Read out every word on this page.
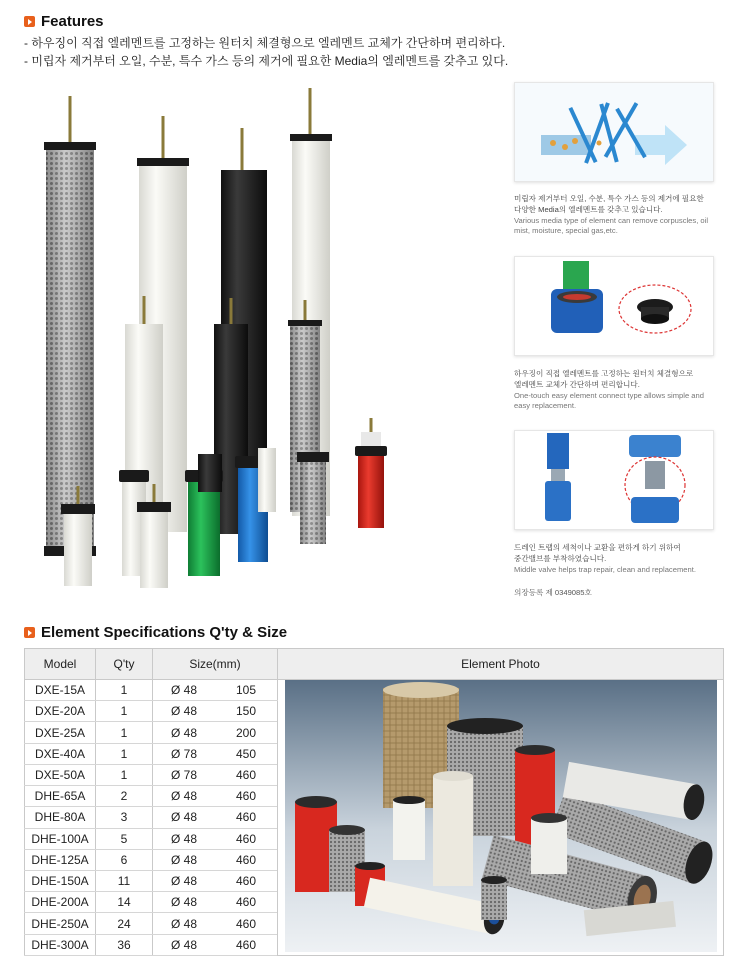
Features
- 하우징이 직접 엘레멘트를 고정하는 원터치 체결형으로 엘레멘트 교체가 간단하며 편리하다.
- 미립자 제거부터 오일, 수분, 특수 가스 등의 제거에 필요한 Media의 엘레멘트를 갖추고 있다.
미립자 제거부터 오일, 수분, 특수 가스 등의 제거에 필요한
다양한 Media의 엘레멘트를 갖추고 있습니다.
Various media type of element can remove corpuscles, oil
mist, moisture, special gas,etc.
하우징이 직접 엘레멘트를 고정하는 원터치 체결형으로
엘레멘트 교체가 간단하며 편리합니다.
One-touch easy element connect type allows simple and
easy replacement.
드레인 트랩의 세척이나 교환을 편하게 하기 위하여
중간밸브를 부착하였습니다.
Middle valve helps trap repair, clean and replacement.
의장등록 제 0349085호
Element Specifications Q'ty & Size
Model	Q'ty	Size(mm)		Element Photo
DXE-15A	1	Ø 48	105	
DXE-20A	1	Ø 48	150	
DXE-25A	1	Ø 48	200	
DXE-40A	1	Ø 78	450	
DXE-50A	1	Ø 78	460	
DHE-65A	2	Ø 48	460	
DHE-80A	3	Ø 48	460	
DHE-100A	5	Ø 48	460	
DHE-125A	6	Ø 48	460	
DHE-150A	11	Ø 48	460	
DHE-200A	14	Ø 48	460	
DHE-250A	24	Ø 48	460	
DHE-300A	36	Ø 48	460	
